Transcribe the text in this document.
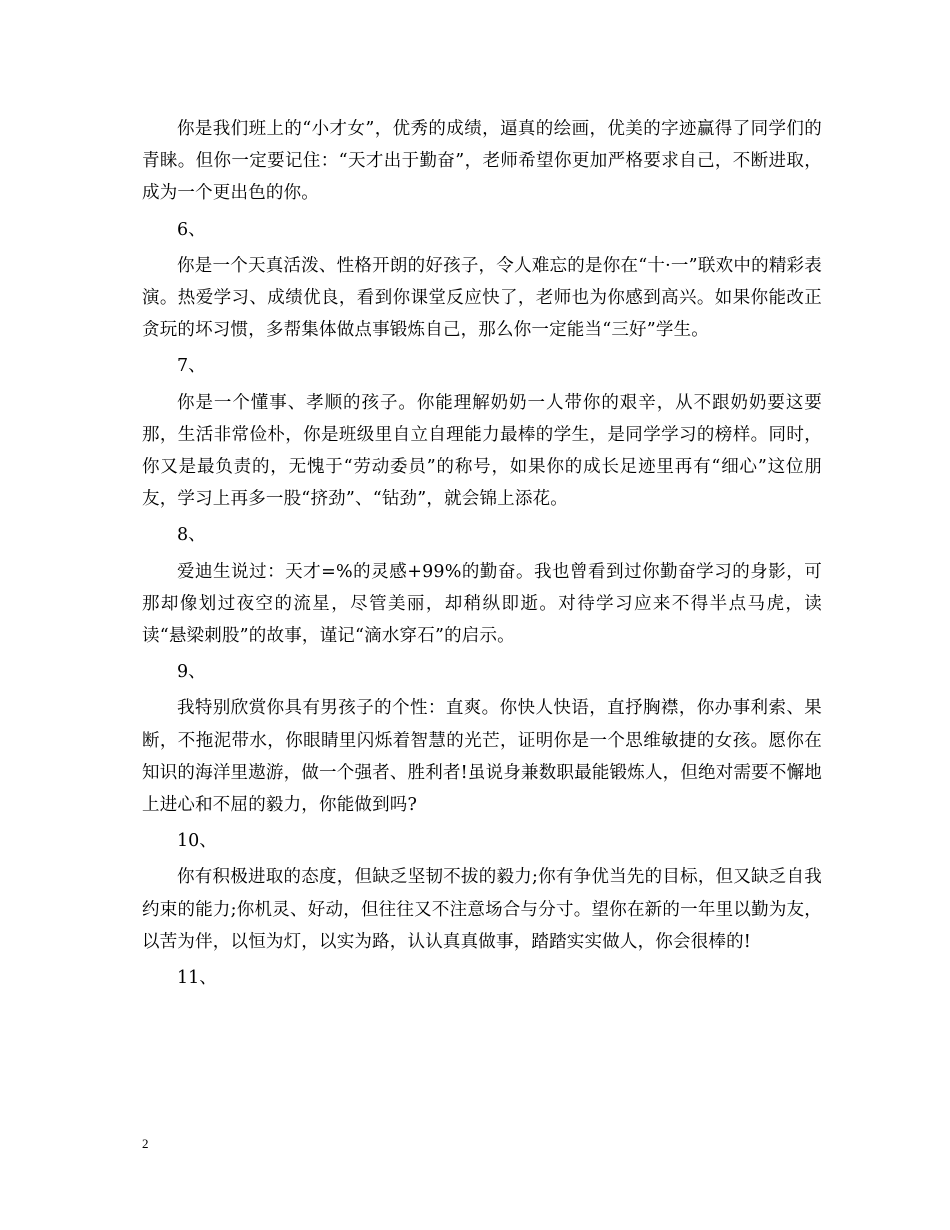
你是我们班上的“小才女”，优秀的成绩，逼真的绘画，优美的字迹赢得了同学们的青睐。但你一定要记住：“天才出于勤奋”，老师希望你更加严格要求自己，不断进取，成为一个更出色的你。

6、

你是一个天真活泼、性格开朗的好孩子，令人难忘的是你在“十·一”联欢中的精彩表演。热爱学习、成绩优良，看到你课堂反应快了，老师也为你感到高兴。如果你能改正贪玩的坏习惯，多帮集体做点事锻炼自己，那么你一定能当“三好”学生。

7、

你是一个懂事、孝顺的孩子。你能理解奶奶一人带你的艰辛，从不跟奶奶要这要那，生活非常俭朴，你是班级里自立自理能力最棒的学生，是同学学习的榜样。同时，你又是最负责的，无愧于“劳动委员”的称号，如果你的成长足迹里再有“细心”这位朋友，学习上再多一股“挤劲”、“钻劲”，就会锦上添花。

8、

爱迪生说过：天才=%的灵感+99%的勤奋。我也曾看到过你勤奋学习的身影，可那却像划过夜空的流星，尽管美丽，却稍纵即逝。对待学习应来不得半点马虎，读读“悬梁刺股”的故事，谨记“滴水穿石”的启示。

9、

我特别欣赏你具有男孩子的个性：直爽。你快人快语，直抒胸襟，你办事利索、果断，不拖泥带水，你眼睛里闪烁着智慧的光芒，证明你是一个思维敏捷的女孩。愿你在知识的海洋里遨游，做一个强者、胜利者!虽说身兼数职最能锻炼人，但绝对需要不懈地上进心和不屈的毅力，你能做到吗?

10、

你有积极进取的态度，但缺乏坚韧不拔的毅力;你有争优当先的目标，但又缺乏自我约束的能力;你机灵、好动，但往往又不注意场合与分寸。望你在新的一年里以勤为友，以苦为伴，以恒为灯，以实为路，认认真真做事，踏踏实实做人，你会很棒的!

11、

2
